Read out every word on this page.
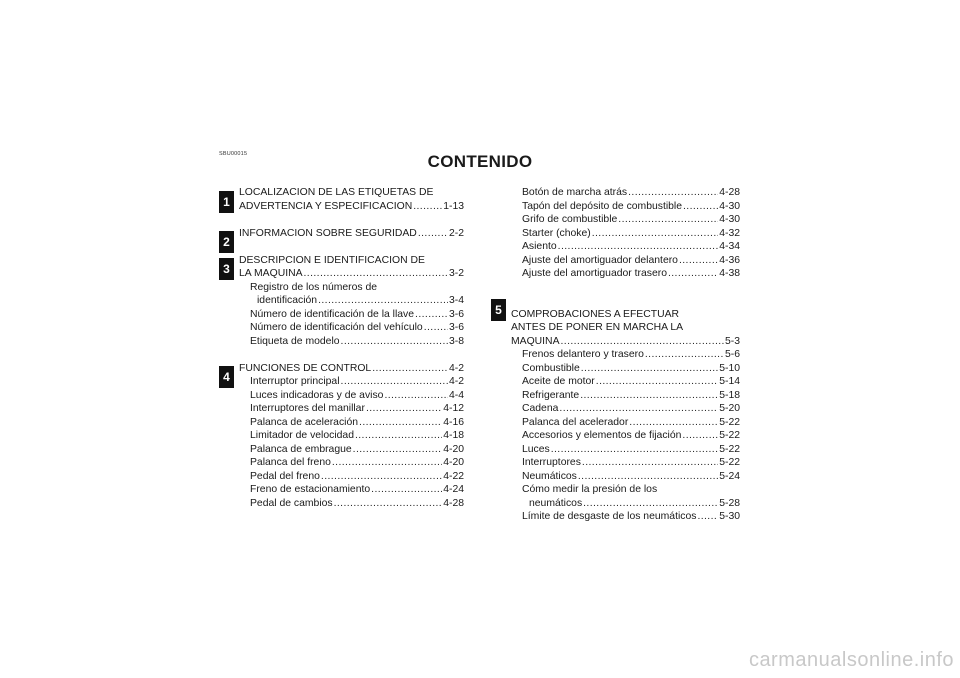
SBU00015	CONTENIDO
1
2
3
4
5
LOCALIZACION DE LAS ETIQUETAS DE
ADVERTENCIA Y ESPECIFICACION .....	1-13
INFORMACION SOBRE SEGURIDAD .....	2-2
DESCRIPCION E IDENTIFICACION DE
LA MAQUINA .....	3-2
Registro de los números de
identificación .....	3-4
Número de identificación de la llave .....	3-6
Número de identificación del vehículo .....	3-6
Etiqueta de modelo .....	3-8
FUNCIONES DE CONTROL .....	4-2
Interruptor principal .....	4-2
Luces indicadoras y de aviso .....	4-4
Interruptores del manillar .....	4-12
Palanca de aceleración .....	4-16
Limitador de velocidad .....	4-18
Palanca de embrague .....	4-20
Palanca del freno .....	4-20
Pedal del freno .....	4-22
Freno de estacionamiento .....	4-24
Pedal de cambios .....	4-28
Botón de marcha atrás .....	4-28
Tapón del depósito de combustible .....	4-30
Grifo de combustible .....	4-30
Starter (choke) .....	4-32
Asiento .....	4-34
Ajuste del amortiguador delantero .....	4-36
Ajuste del amortiguador trasero .....	4-38
COMPROBACIONES A EFECTUAR
ANTES DE PONER EN MARCHA LA
MAQUINA .....	5-3
Frenos delantero y trasero .....	5-6
Combustible .....	5-10
Aceite de motor .....	5-14
Refrigerante .....	5-18
Cadena .....	5-20
Palanca del acelerador .....	5-22
Accesorios y elementos de fijación .....	5-22
Luces .....	5-22
Interruptores .....	5-22
Neumáticos .....	5-24
Cómo medir la presión de los
neumáticos .....	5-28
Límite de desgaste de los neumáticos ..... 5-30
carmanualsonline.info
